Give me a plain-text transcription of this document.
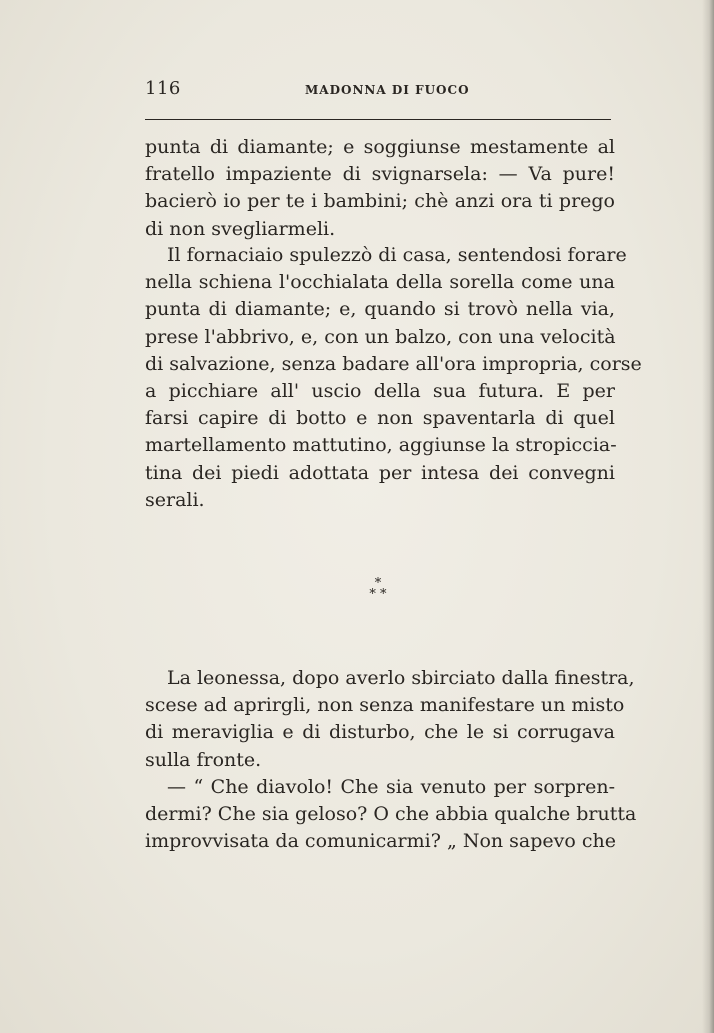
116	MADONNA DI FUOCO
punta di diamante; e soggiunse mestamente al
fratello impaziente di svignarsela: — Va pure!
bacierò io per te i bambini; chè anzi ora ti prego
di non svegliarmeli.
Il fornaciaio spulezzò di casa, sentendosi forare
nella schiena l'occhialata della sorella come una
punta di diamante; e, quando si trovò nella via,
prese l'abbrivo, e, con un balzo, con una velocità
di salvazione, senza badare all'ora impropria, corse
a picchiare all' uscio della sua futura. E per
farsi capire di botto e non spaventarla di quel
martellamento mattutino, aggiunse la stropiccia-
tina dei piedi adottata per intesa dei convegni
serali.
*
* *
La leonessa, dopo averlo sbirciato dalla finestra,
scese ad aprirgli, non senza manifestare un misto
di meraviglia e di disturbo, che le si corrugava
sulla fronte.
— “ Che diavolo! Che sia venuto per sorpren-
dermi? Che sia geloso? O che abbia qualche brutta
improvvisata da comunicarmi? „ Non sapevo che
